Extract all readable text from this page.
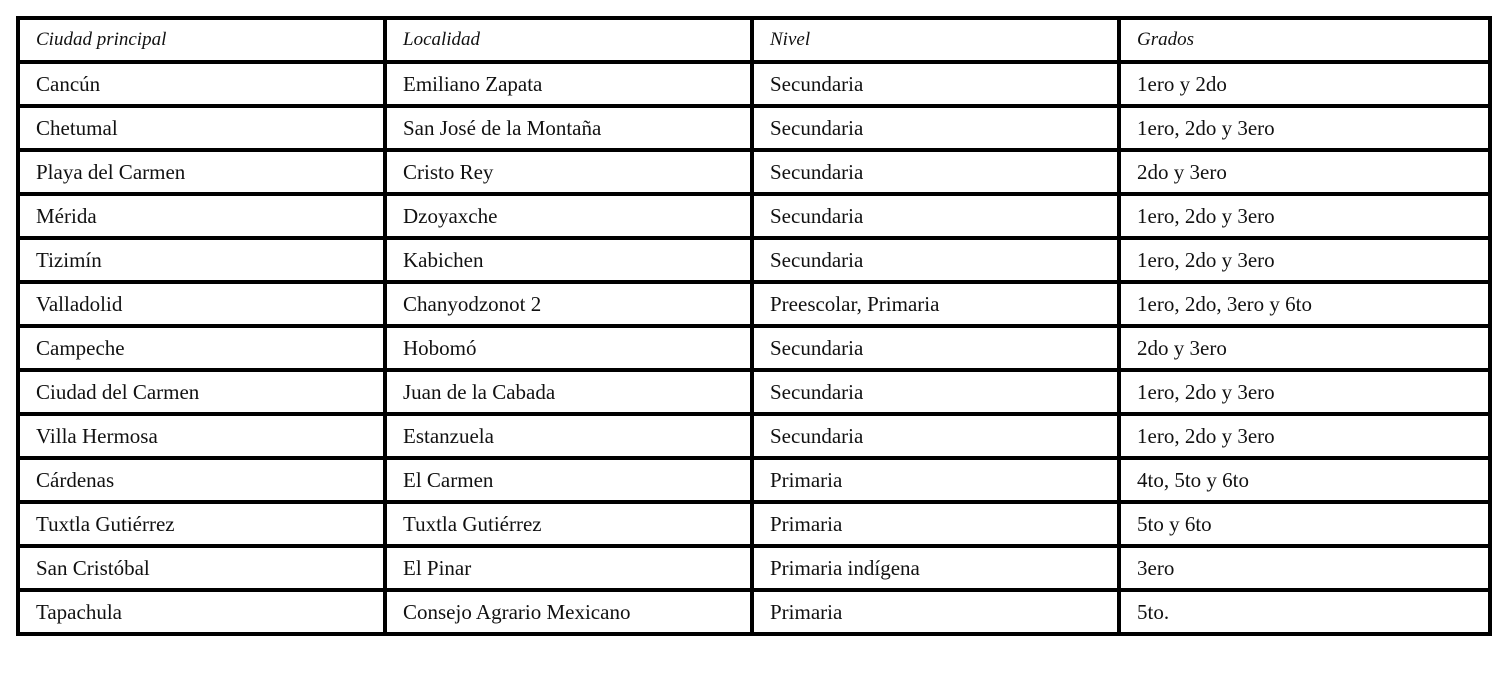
Ciudad principal	Localidad	Nivel	Grados
Cancún	Emiliano Zapata	Secundaria	1ero y 2do
Chetumal	San José de la Montaña	Secundaria	1ero, 2do y 3ero
Playa del Carmen	Cristo Rey	Secundaria	2do y 3ero
Mérida	Dzoyaxche	Secundaria	1ero, 2do y 3ero
Tizimín	Kabichen	Secundaria	1ero, 2do y 3ero
Valladolid	Chanyodzonot 2	Preescolar, Primaria	1ero, 2do, 3ero y 6to
Campeche	Hobomó	Secundaria	2do y 3ero
Ciudad del Carmen	Juan de la Cabada	Secundaria	1ero, 2do y 3ero
Villa Hermosa	Estanzuela	Secundaria	1ero, 2do y 3ero
Cárdenas	El Carmen	Primaria	4to, 5to y 6to
Tuxtla Gutiérrez	Tuxtla Gutiérrez	Primaria	5to y 6to
San Cristóbal	El Pinar	Primaria indígena	3ero
Tapachula	Consejo Agrario Mexicano	Primaria	5to.
